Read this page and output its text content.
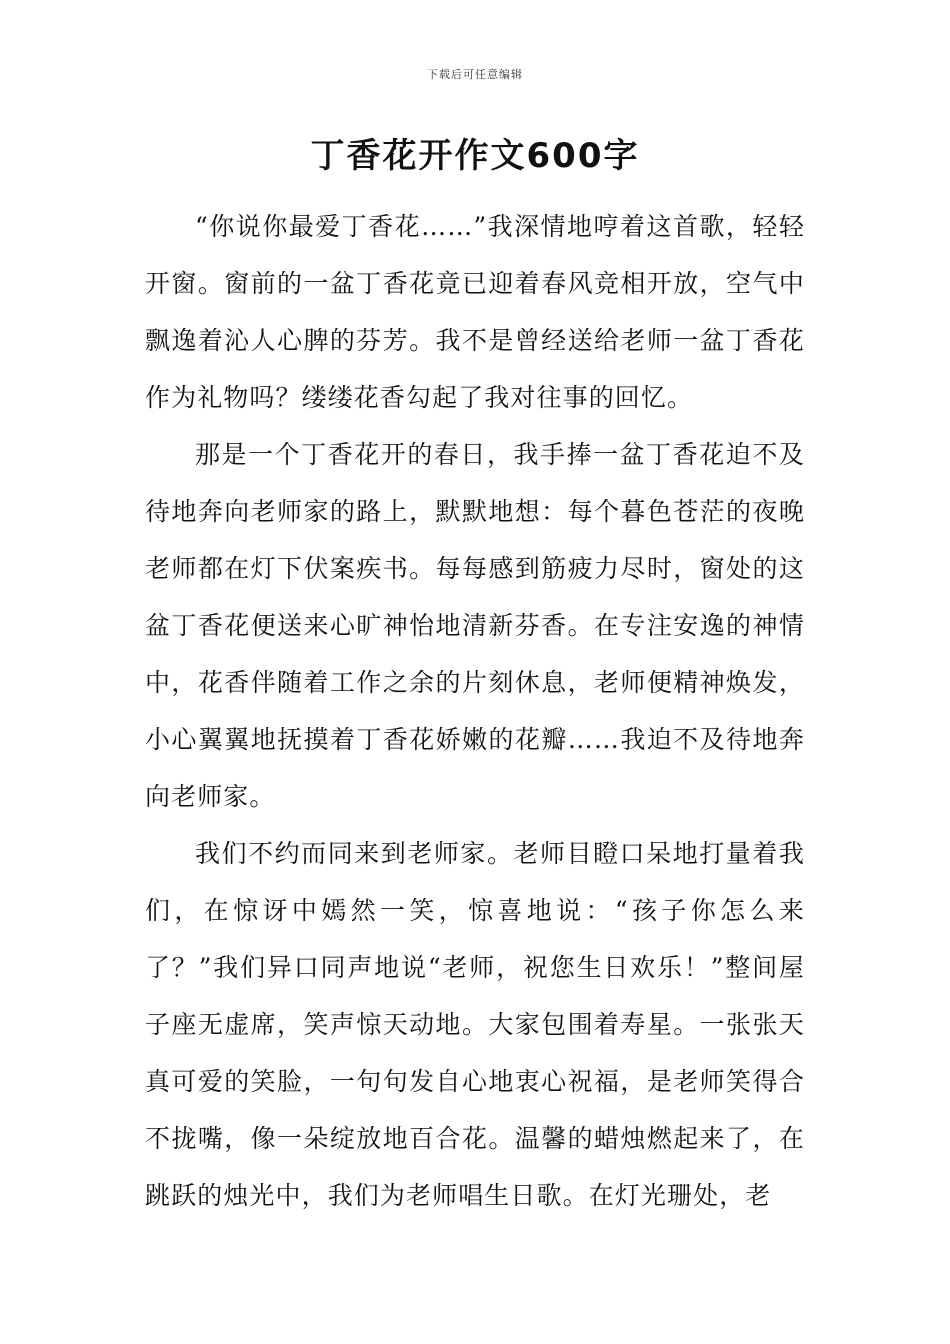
下载后可任意编辑
丁香花开作文600字

“你说你最爱丁香花……”我深情地哼着这首歌，轻轻开窗。窗前的一盆丁香花竟已迎着春风竞相开放，空气中飘逸着沁人心脾的芬芳。我不是曾经送给老师一盆丁香花作为礼物吗？缕缕花香勾起了我对往事的回忆。

那是一个丁香花开的春日，我手捧一盆丁香花迫不及待地奔向老师家的路上，默默地想：每个暮色苍茫的夜晚老师都在灯下伏案疾书。每每感到筋疲力尽时，窗处的这盆丁香花便送来心旷神怡地清新芬香。在专注安逸的神情中，花香伴随着工作之余的片刻休息，老师便精神焕发，小心翼翼地抚摸着丁香花娇嫩的花瓣……我迫不及待地奔向老师家。

我们不约而同来到老师家。老师目瞪口呆地打量着我们，在惊讶中嫣然一笑，惊喜地说：“孩子你怎么来了？”我们异口同声地说“老师，祝您生日欢乐！”整间屋子座无虚席，笑声惊天动地。大家包围着寿星。一张张天真可爱的笑脸，一句句发自心地衷心祝福，是老师笑得合不拢嘴，像一朵绽放地百合花。温馨的蜡烛燃起来了，在跳跃的烛光中，我们为老师唱生日歌。在灯光珊处，老
